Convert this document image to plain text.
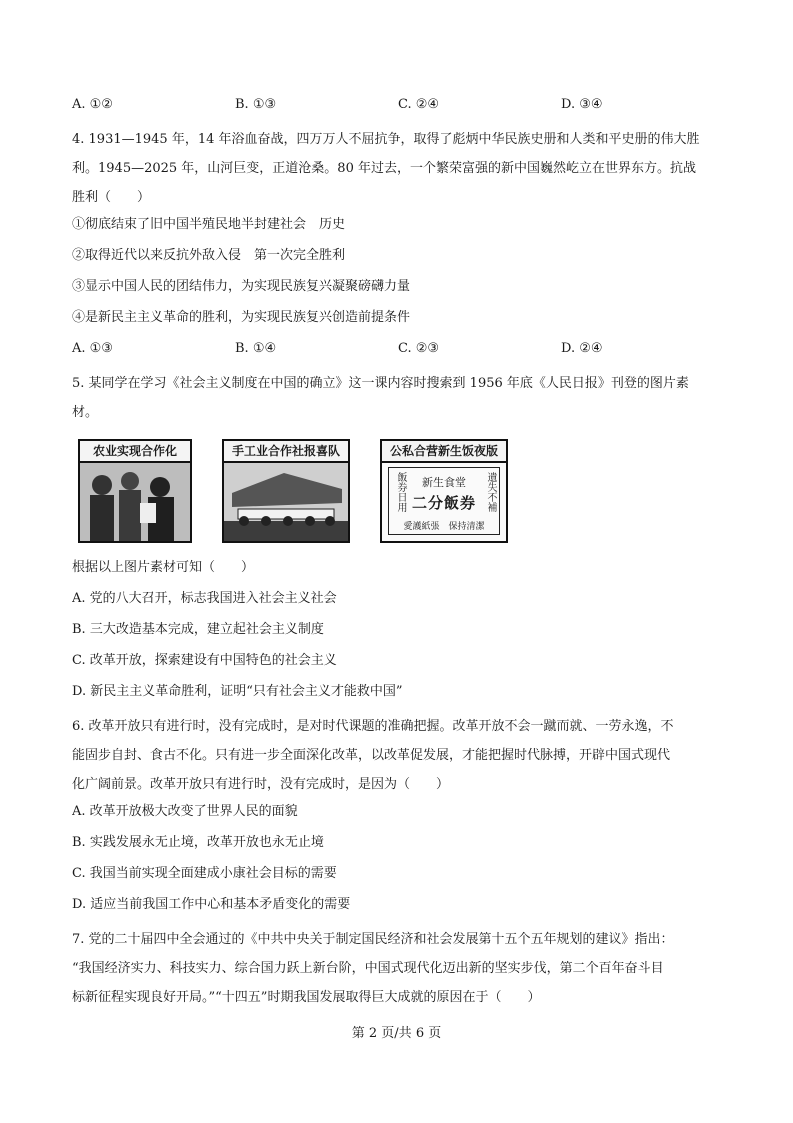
A. ①②	B. ①③	C. ②④	D. ③④
4. 1931—1945 年，14 年浴血奋战，四万万人不屈抗争，取得了彪炳中华民族史册和人类和平史册的伟大胜
利。1945—2025 年，山河巨变，正道沧桑。80 年过去，一个繁荣富强的新中国巍然屹立在世界东方。抗战
胜利（　　）
①彻底结束了旧中国半殖民地半封建社会　历史
②取得近代以来反抗外敌入侵　第一次完全胜利
③显示中国人民的团结伟力，为实现民族复兴凝聚磅礴力量
④是新民主主义革命的胜利，为实现民族复兴创造前提条件
A. ①③	B. ①④	C. ②③	D. ②④
5. 某同学在学习《社会主义制度在中国的确立》这一课内容时搜索到 1956 年底《人民日报》刊登的图片素
材。
农业实现合作化	手工业合作社报喜队	公私合营新生饭夜版
飯券日用	新生食堂
二分飯券 遺失不補
愛護紙張　保持清潔
根据以上图片素材可知（　　）
A. 党的八大召开，标志我国进入社会主义社会
B. 三大改造基本完成，建立起社会主义制度
C. 改革开放，探索建设有中国特色的社会主义
D. 新民主主义革命胜利，证明“只有社会主义才能救中国”
6. 改革开放只有进行时，没有完成时，是对时代课题的准确把握。改革开放不会一蹴而就、一劳永逸，不
能固步自封、食古不化。只有进一步全面深化改革，以改革促发展，才能把握时代脉搏，开辟中国式现代
化广阔前景。改革开放只有进行时，没有完成时，是因为（　　）
A. 改革开放极大改变了世界人民的面貌
B. 实践发展永无止境，改革开放也永无止境
C. 我国当前实现全面建成小康社会目标的需要
D. 适应当前我国工作中心和基本矛盾变化的需要
7. 党的二十届四中全会通过的《中共中央关于制定国民经济和社会发展第十五个五年规划的建议》指出：
“我国经济实力、科技实力、综合国力跃上新台阶，中国式现代化迈出新的坚实步伐，第二个百年奋斗目
标新征程实现良好开局。”“十四五”时期我国发展取得巨大成就的原因在于（　　）
第 2 页/共 6 页
